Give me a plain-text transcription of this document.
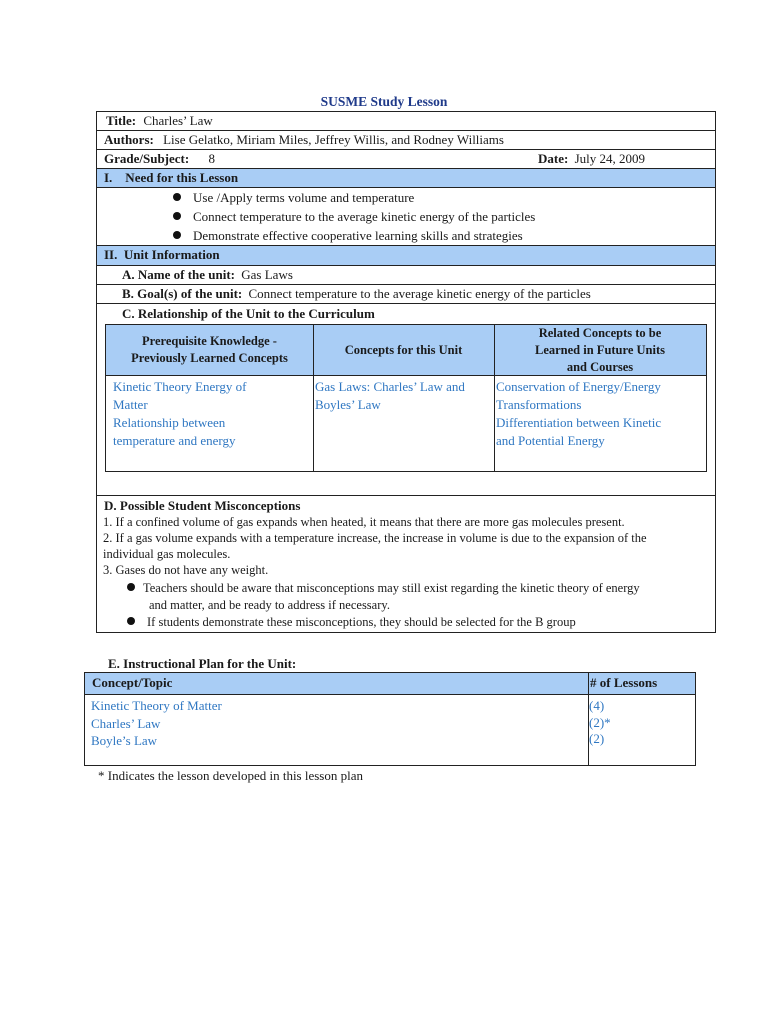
SUSME Study Lesson
Title: Charles’ Law
Authors: Lise Gelatko, Miriam Miles, Jeffrey Willis, and Rodney Williams
Grade/Subject: 8	Date: July 24, 2009
I.    Need for this Lesson
Use /Apply terms volume and temperature
Connect temperature to the average kinetic energy of the particles
Demonstrate effective cooperative learning skills and strategies
II.  Unit Information
A. Name of the unit: Gas Laws
B. Goal(s) of the unit: Connect temperature to the average kinetic energy of the particles
C. Relationship of the Unit to the Curriculum
Prerequisite Knowledge -
Previously Learned Concepts
Concepts for this Unit
Related Concepts to be
Learned in Future Units
and Courses
Kinetic Theory Energy of
Matter
Relationship between
temperature and energy
Gas Laws: Charles’ Law and
Boyles’ Law
Conservation of Energy/Energy
Transformations
Differentiation between Kinetic
and Potential Energy
D. Possible Student Misconceptions
1. If a confined volume of gas expands when heated, it means that there are more gas molecules present.
2. If a gas volume expands with a temperature increase, the increase in volume is due to the expansion of the
individual gas molecules.
3. Gases do not have any weight.
Teachers should be aware that misconceptions may still exist regarding the kinetic theory of energy
and matter, and be ready to address if necessary.
If students demonstrate these misconceptions, they should be selected for the B group
E. Instructional Plan for the Unit:
Concept/Topic	# of Lessons
Kinetic Theory of Matter
Charles’ Law
Boyle’s Law
(4)
(2)*
(2)
* Indicates the lesson developed in this lesson plan
